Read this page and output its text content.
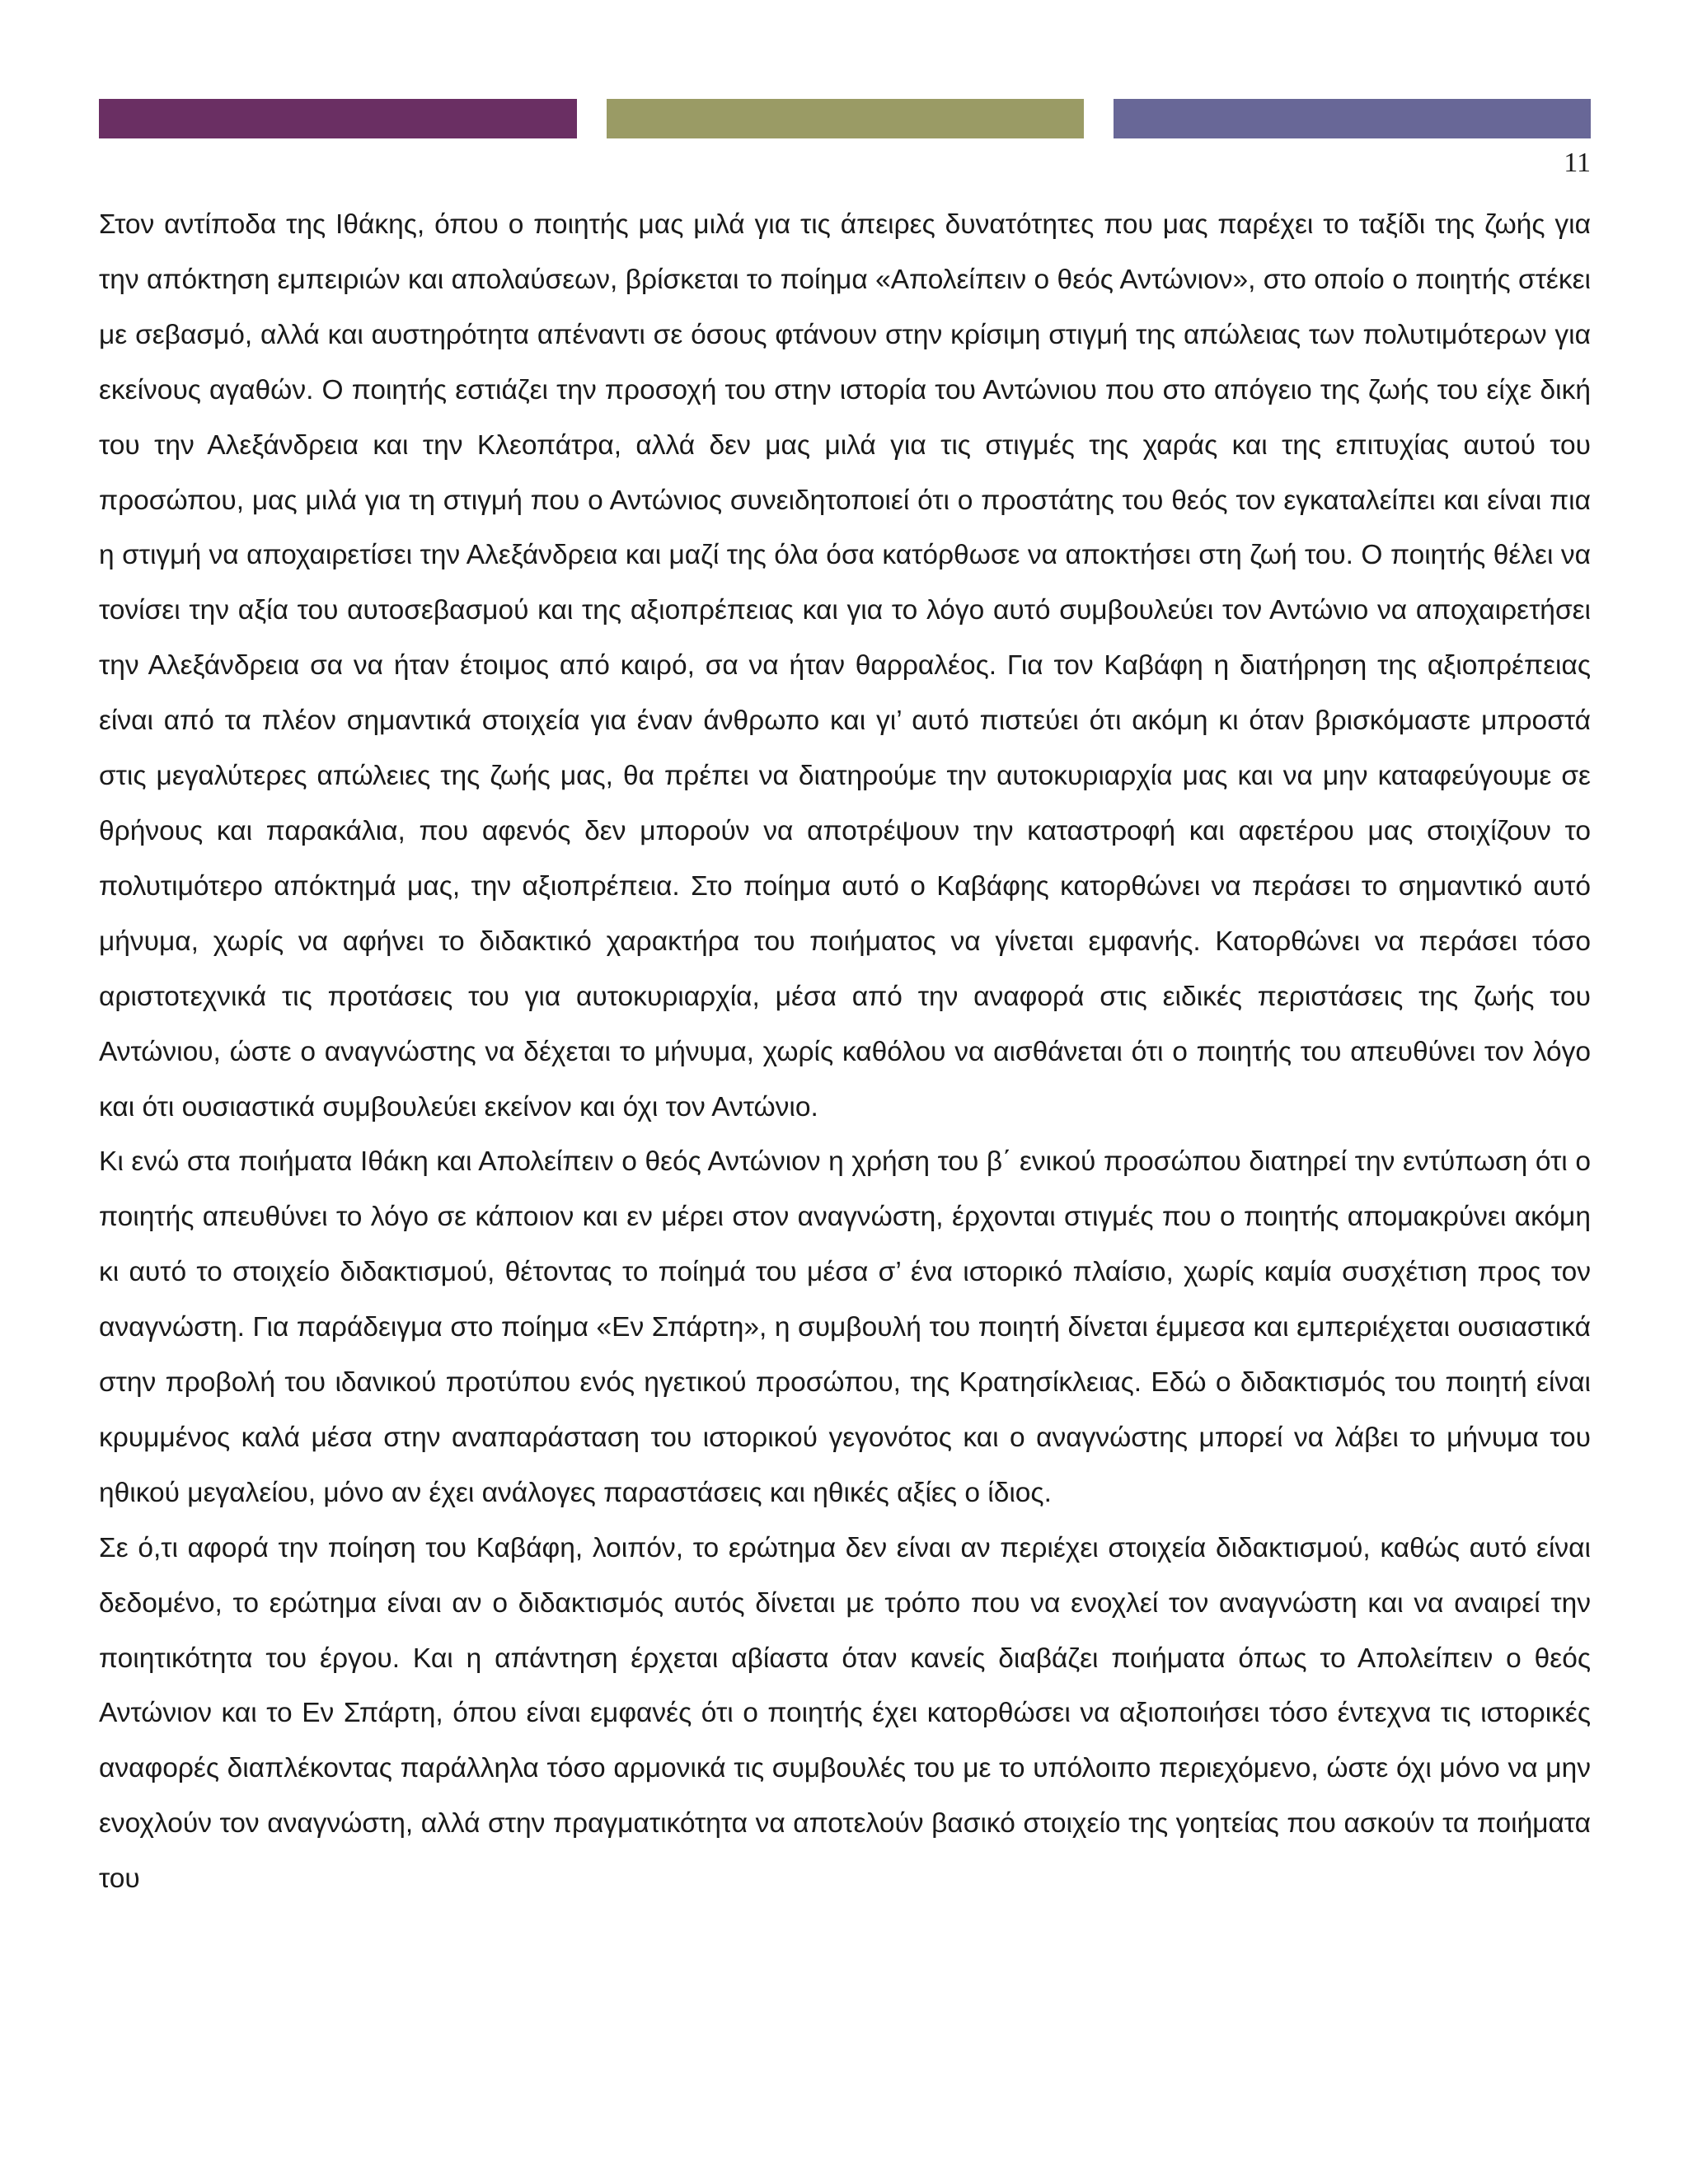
11

Στον αντίποδα της Ιθάκης, όπου ο ποιητής μας μιλά για τις άπειρες δυνατότητες που μας παρέχει το ταξίδι της ζωής για την απόκτηση εμπειριών και απολαύσεων, βρίσκεται το ποίημα «Απολείπειν ο θεός Αντώνιον», στο οποίο ο ποιητής στέκει με σεβασμό, αλλά και αυστηρότητα απέναντι σε όσους φτάνουν στην κρίσιμη στιγμή της απώλειας των πολυτιμότερων για εκείνους αγαθών. Ο ποιητής εστιάζει την προσοχή του στην ιστορία του Αντώνιου που στο απόγειο της ζωής του είχε δική του την Αλεξάνδρεια και την Κλεοπάτρα, αλλά δεν μας μιλά για τις στιγμές της χαράς και της επιτυχίας αυτού του προσώπου, μας μιλά για τη στιγμή που ο Αντώνιος συνειδητοποιεί ότι ο προστάτης του θεός τον εγκαταλείπει και είναι πια η στιγμή να αποχαιρετίσει την Αλεξάνδρεια και μαζί της όλα όσα κατόρθωσε να αποκτήσει στη ζωή του. Ο ποιητής θέλει να τονίσει την αξία του αυτοσεβασμού και της αξιοπρέπειας και για το λόγο αυτό συμβουλεύει τον Αντώνιο να αποχαιρετήσει την Αλεξάνδρεια σα να ήταν έτοιμος από καιρό, σα να ήταν θαρραλέος. Για τον Καβάφη η διατήρηση της αξιοπρέπειας είναι από τα πλέον σημαντικά στοιχεία για έναν άνθρωπο και γι’ αυτό πιστεύει ότι ακόμη κι όταν βρισκόμαστε μπροστά στις μεγαλύτερες απώλειες της ζωής μας, θα πρέπει να διατηρούμε την αυτοκυριαρχία μας και να μην καταφεύγουμε σε θρήνους και παρακάλια, που αφενός δεν μπορούν να αποτρέψουν την καταστροφή και αφετέρου μας στοιχίζουν το πολυτιμότερο απόκτημά μας, την αξιοπρέπεια. Στο ποίημα αυτό ο Καβάφης κατορθώνει να περάσει το σημαντικό αυτό μήνυμα, χωρίς να αφήνει το διδακτικό χαρακτήρα του ποιήματος να γίνεται εμφανής. Κατορθώνει να περάσει τόσο αριστοτεχνικά τις προτάσεις του για αυτοκυριαρχία, μέσα από την αναφορά στις ειδικές περιστάσεις της ζωής του Αντώνιου, ώστε ο αναγνώστης να δέχεται το μήνυμα, χωρίς καθόλου να αισθάνεται ότι ο ποιητής του απευθύνει τον λόγο και ότι ουσιαστικά συμβουλεύει εκείνον και όχι τον Αντώνιο.

Κι ενώ στα ποιήματα Ιθάκη και Απολείπειν ο θεός Αντώνιον η χρήση του β΄ ενικού προσώπου διατηρεί την εντύπωση ότι ο ποιητής απευθύνει το λόγο σε κάποιον και εν μέρει στον αναγνώστη, έρχονται στιγμές που ο ποιητής απομακρύνει ακόμη κι αυτό το στοιχείο διδακτισμού, θέτοντας το ποίημά του μέσα σ’ ένα ιστορικό πλαίσιο, χωρίς καμία συσχέτιση προς τον αναγνώστη. Για παράδειγμα στο ποίημα «Εν Σπάρτη», η συμβουλή του ποιητή δίνεται έμμεσα και εμπεριέχεται ουσιαστικά στην προβολή του ιδανικού προτύπου ενός ηγετικού προσώπου, της Κρατησίκλειας. Εδώ ο διδακτισμός του ποιητή είναι κρυμμένος καλά μέσα στην αναπαράσταση του ιστορικού γεγονότος και ο αναγνώστης μπορεί να λάβει το μήνυμα του ηθικού μεγαλείου, μόνο αν έχει ανάλογες παραστάσεις και ηθικές αξίες ο ίδιος.

Σε ό,τι αφορά την ποίηση του Καβάφη, λοιπόν, το ερώτημα δεν είναι αν περιέχει στοιχεία διδακτισμού, καθώς αυτό είναι δεδομένο, το ερώτημα είναι αν ο διδακτισμός αυτός δίνεται με τρόπο που να ενοχλεί τον αναγνώστη και να αναιρεί την ποιητικότητα του έργου. Και η απάντηση έρχεται αβίαστα όταν κανείς διαβάζει ποιήματα όπως το Απολείπειν ο θεός Αντώνιον και το Εν Σπάρτη, όπου είναι εμφανές ότι ο ποιητής έχει κατορθώσει να αξιοποιήσει τόσο έντεχνα τις ιστορικές αναφορές διαπλέκοντας παράλληλα τόσο αρμονικά τις συμβουλές του με το υπόλοιπο περιεχόμενο, ώστε όχι μόνο να μην ενοχλούν τον αναγνώστη, αλλά στην πραγματικότητα να αποτελούν βασικό στοιχείο της γοητείας που ασκούν τα ποιήματα του
